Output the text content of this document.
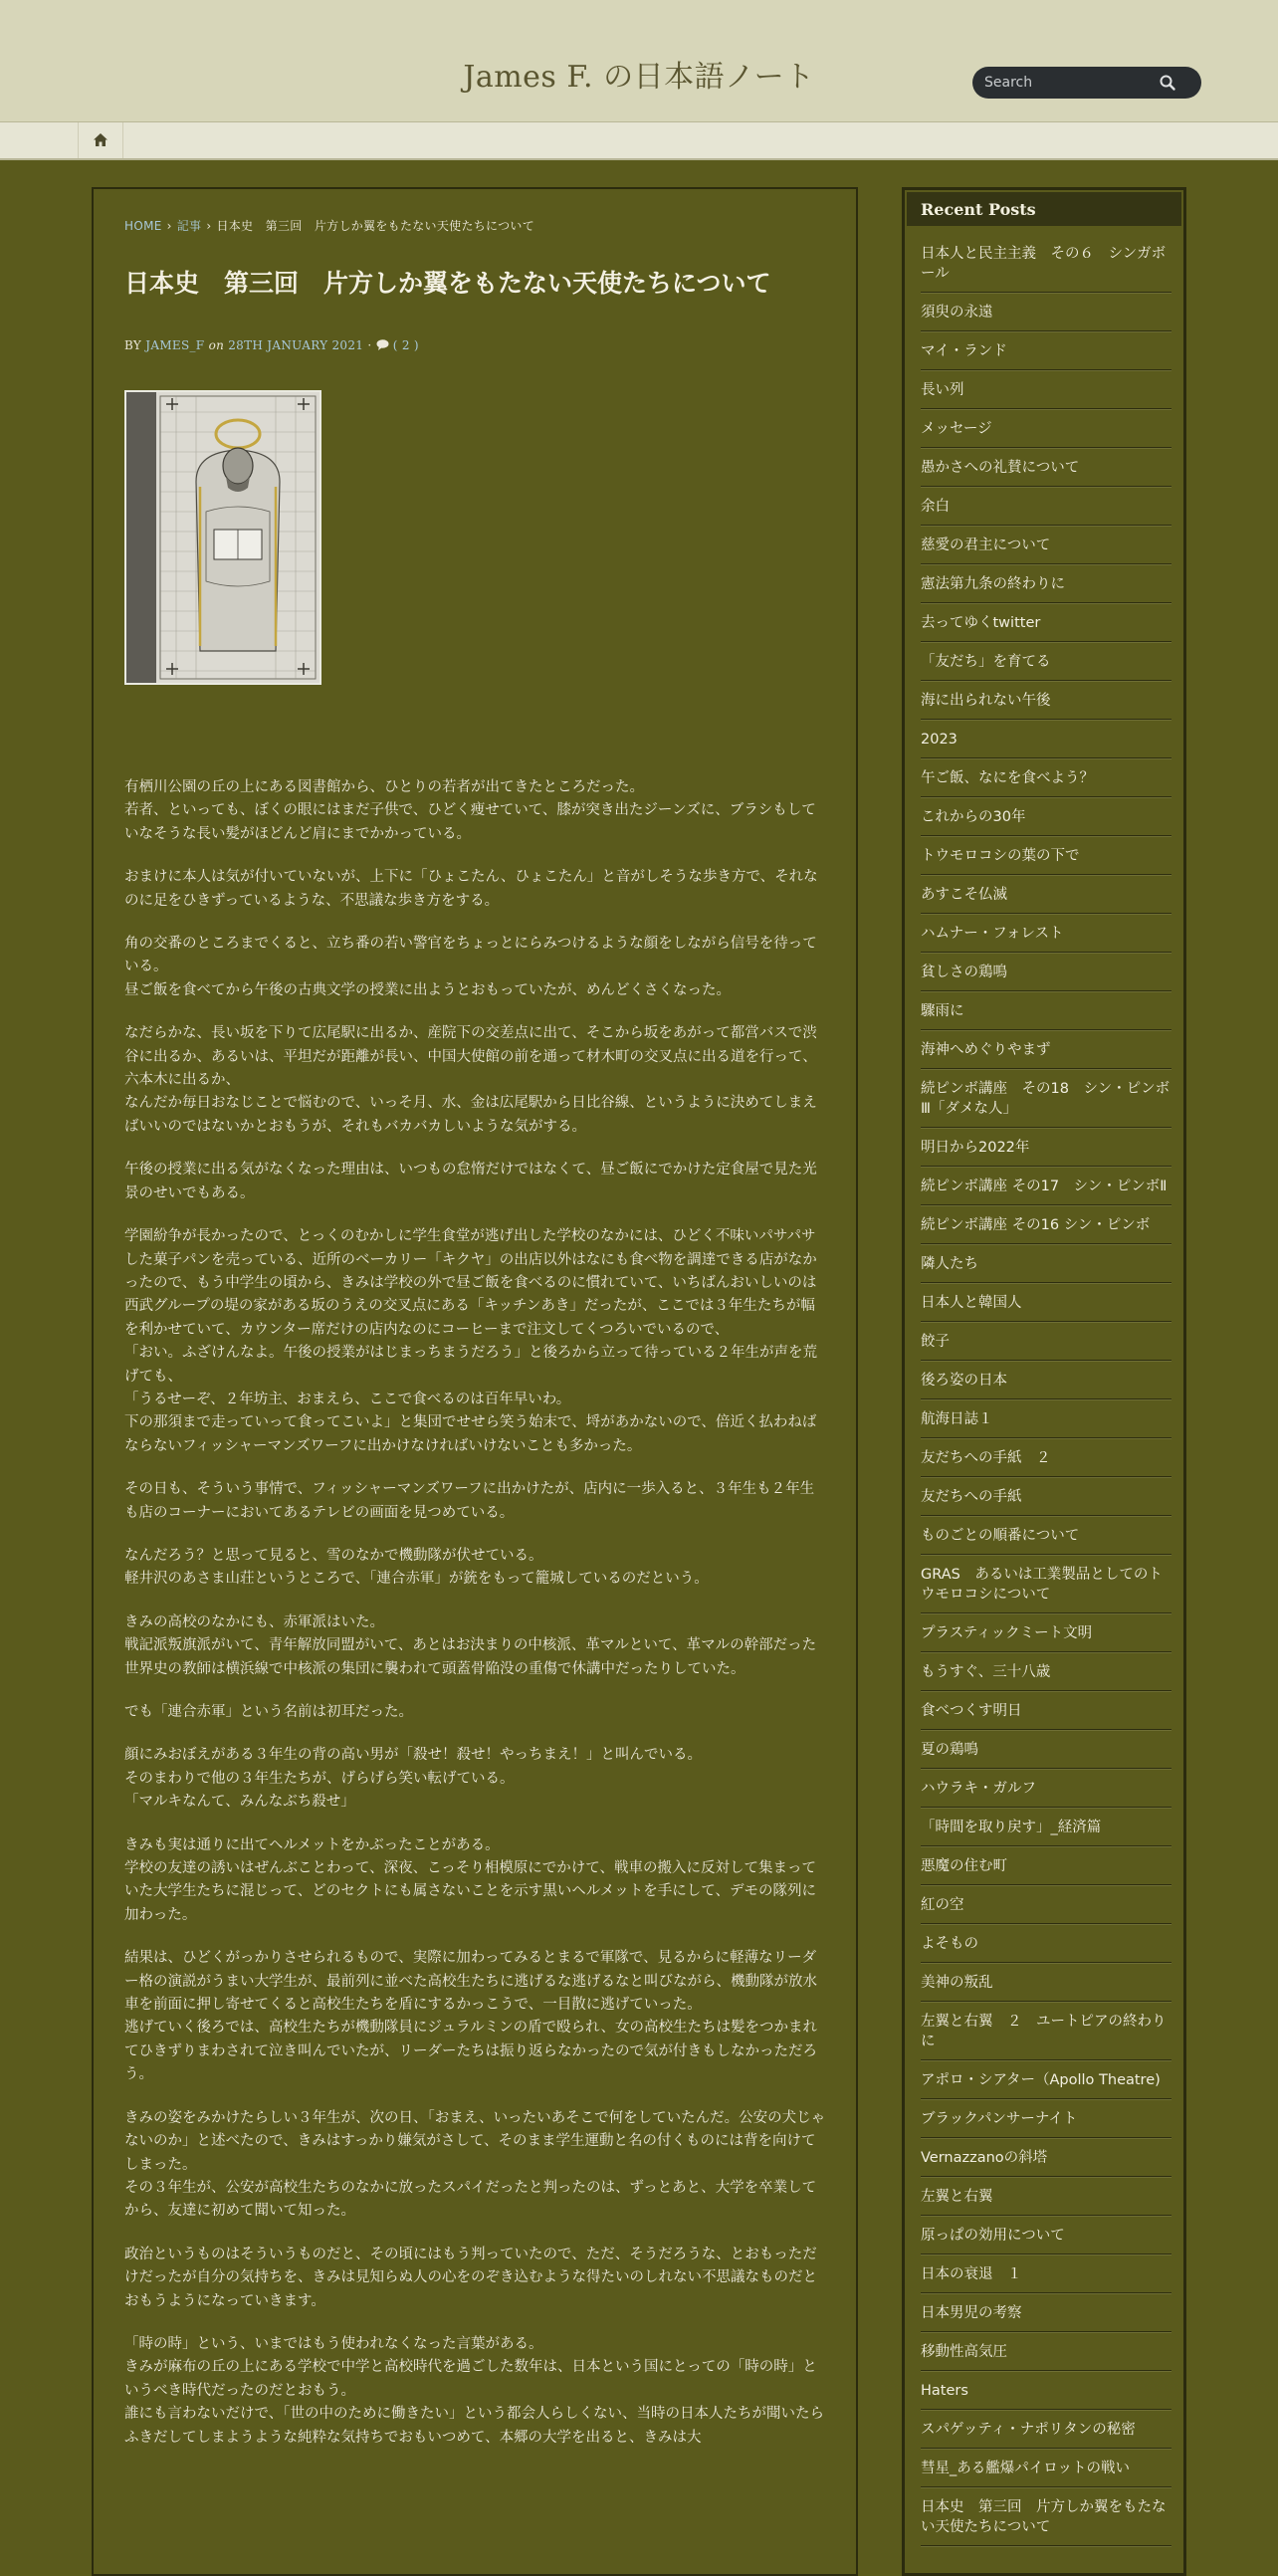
James F. の日本語ノート
Search
HOME › 記事 › 日本史　第三回　片方しか翼をもたない天使たちについて
日本史　第三回　片方しか翼をもたない天使たちについて
BY JAMES_F on 28TH JANUARY 2021 · ( 2 )

有栖川公園の丘の上にある図書館から、ひとりの若者が出てきたところだった。
若者、といっても、ぼくの眼にはまだ子供で、ひどく痩せていて、膝が突き出たジーンズに、ブラシもしていなそうな長い髪がほどんど肩にまでかかっている。

おまけに本人は気が付いていないが、上下に「ひょこたん、ひょこたん」と音がしそうな歩き方で、それなのに足をひきずっているような、不思議な歩き方をする。

角の交番のところまでくると、立ち番の若い警官をちょっとにらみつけるような顔をしながら信号を待っている。
昼ご飯を食べてから午後の古典文学の授業に出ようとおもっていたが、めんどくさくなった。

なだらかな、長い坂を下りて広尾駅に出るか、産院下の交差点に出て、そこから坂をあがって都営バスで渋谷に出るか、あるいは、平坦だが距離が長い、中国大使館の前を通って材木町の交叉点に出る道を行って、六本木に出るか、
なんだか毎日おなじことで悩むので、いっそ月、水、金は広尾駅から日比谷線、というように決めてしまえばいいのではないかとおもうが、それもバカバカしいような気がする。

午後の授業に出る気がなくなった理由は、いつもの怠惰だけではなくて、昼ご飯にでかけた定食屋で見た光景のせいでもある。

学園紛争が長かったので、とっくのむかしに学生食堂が逃げ出した学校のなかには、ひどく不味いパサパサした菓子パンを売っている、近所のベーカリー「キクヤ」の出店以外はなにも食べ物を調達できる店がなかったので、もう中学生の頃から、きみは学校の外で昼ご飯を食べるのに慣れていて、いちばんおいしいのは西武グループの堤の家がある坂のうえの交叉点にある「キッチンあき」だったが、ここでは３年生たちが幅を利かせていて、カウンター席だけの店内なのにコーヒーまで注文してくつろいでいるので、
「おい。ふざけんなよ。午後の授業がはじまっちまうだろう」と後ろから立って待っている２年生が声を荒げても、
「うるせーぞ、２年坊主、おまえら、ここで食べるのは百年早いわ。
下の那須まで走っていって食ってこいよ」と集団でせせら笑う始末で、埒があかないので、倍近く払わねばならないフィッシャーマンズワーフに出かけなければいけないことも多かった。

その日も、そういう事情で、フィッシャーマンズワーフに出かけたが、店内に一歩入ると、３年生も２年生も店のコーナーにおいてあるテレビの画面を見つめている。

なんだろう？と思って見ると、雪のなかで機動隊が伏せている。
軽井沢のあさま山荘というところで、「連合赤軍」が銃をもって籠城しているのだという。

きみの高校のなかにも、赤軍派はいた。
戦記派叛旗派がいて、青年解放同盟がいて、あとはお決まりの中核派、革マルといて、革マルの幹部だった世界史の教師は横浜線で中核派の集団に襲われて頭蓋骨陥没の重傷で休講中だったりしていた。

でも「連合赤軍」という名前は初耳だった。

顔にみおぼえがある３年生の背の高い男が「殺せ！殺せ！やっちまえ！」と叫んでいる。
そのまわりで他の３年生たちが、げらげら笑い転げている。
「マルキなんて、みんなぶち殺せ」

きみも実は通りに出てヘルメットをかぶったことがある。
学校の友達の誘いはぜんぶことわって、深夜、こっそり相模原にでかけて、戦車の搬入に反対して集まっていた大学生たちに混じって、どのセクトにも属さないことを示す黒いヘルメットを手にして、デモの隊列に加わった。

結果は、ひどくがっかりさせられるもので、実際に加わってみるとまるで軍隊で、見るからに軽薄なリーダー格の演説がうまい大学生が、最前列に並べた高校生たちに逃げるな逃げるなと叫びながら、機動隊が放水車を前面に押し寄せてくると高校生たちを盾にするかっこうで、一目散に逃げていった。
逃げていく後ろでは、高校生たちが機動隊員にジュラルミンの盾で殴られ、女の高校生たちは髪をつかまれてひきずりまわされて泣き叫んでいたが、リーダーたちは振り返らなかったので気が付きもしなかっただろう。

きみの姿をみかけたらしい３年生が、次の日、「おまえ、いったいあそこで何をしていたんだ。公安の犬じゃないのか」と述べたので、きみはすっかり嫌気がさして、そのまま学生運動と名の付くものには背を向けてしまった。
その３年生が、公安が高校生たちのなかに放ったスパイだったと判ったのは、ずっとあと、大学を卒業してから、友達に初めて聞いて知った。

政治というものはそういうものだと、その頃にはもう判っていたので、ただ、そうだろうな、とおもっただけだったが自分の気持ちを、きみは見知らぬ人の心をのぞき込むような得たいのしれない不思議なものだとおもうようになっていきます。

「時の時」という、いまではもう使われなくなった言葉がある。
きみが麻布の丘の上にある学校で中学と高校時代を過ごした数年は、日本という国にとっての「時の時」というべき時代だったのだとおもう。
誰にも言わないだけで、「世の中のために働きたい」という都会人らしくない、当時の日本人たちが聞いたらふきだしてしまようような純粋な気持ちでおもいつめて、本郷の大学を出ると、きみは大

Recent Posts
日本人と民主主義　その６　シンガボール
須臾の永遠
マイ・ランド
長い列
メッセージ
愚かさへの礼賛について
余白
慈愛の君主について
憲法第九条の終わりに
去ってゆくtwitter
「友だち」を育てる
海に出られない午後
2023
午ご飯、なにを食べよう？
これからの30年
トウモロコシの葉の下で
あすこそ仏滅
ハムナー・フォレスト
貧しさの鶏鳴
驟雨に
海神へめぐりやまず
続ピンボ講座　その18　シン・ピンボⅢ「ダメな人」
明日から2022年
続ピンボ講座 その17　シン・ピンボⅡ
続ピンボ講座 その16 シン・ピンボ
隣人たち
日本人と韓国人
餃子
後ろ姿の日本
航海日誌１
友だちへの手紙　２
友だちへの手紙
ものごとの順番について
GRAS　あるいは工業製品としてのトウモロコシについて
プラスティックミート文明
もうすぐ、三十八歳
食べつくす明日
夏の鶏鳴
ハウラキ・ガルフ
「時間を取り戻す」_経済篇
悪魔の住む町
紅の空
よそもの
美神の叛乱
左翼と右翼　２　ユートピアの終わりに
アポロ・シアター（Apollo Theatre)
ブラックパンサーナイト
Vernazzanoの斜塔
左翼と右翼
原っぱの効用について
日本の衰退　１
日本男児の考察
移動性高気圧
Haters
スパゲッティ・ナポリタンの秘密
彗星_ある艦爆パイロットの戦い
日本史　第三回　片方しか翼をもたない天使たちについて
